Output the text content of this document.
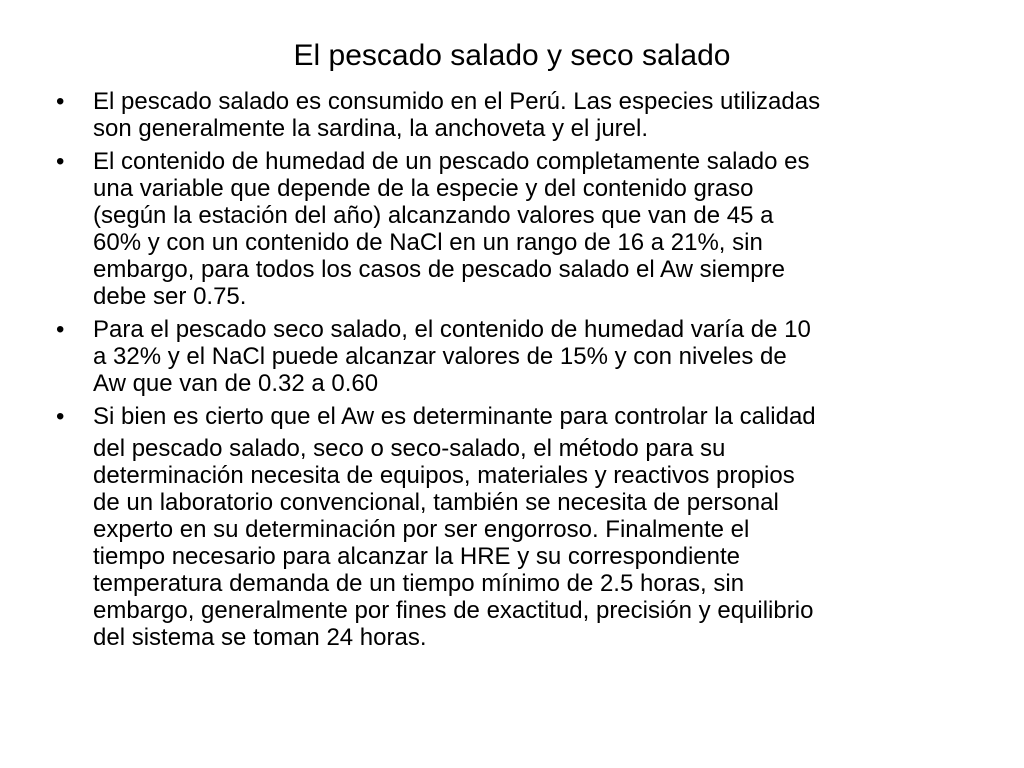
El pescado salado y seco salado
•	El pescado salado es consumido en el Perú. Las especies utilizadas
son generalmente la sardina, la anchoveta y el jurel.
•	El contenido de humedad de un pescado completamente salado es
una variable que depende de la especie y del contenido graso
(según la estación del año) alcanzando valores que van de 45 a
60% y con un contenido de NaCl en un rango de 16 a 21%, sin
embargo, para todos los casos de pescado salado el Aw siempre
debe ser 0.75.
•	Para el pescado seco salado, el contenido de humedad varía de 10
a 32% y el NaCl puede alcanzar valores de 15% y con niveles de
Aw que van de 0.32 a 0.60
•	Si bien es cierto que el Aw es determinante para controlar la calidad
del pescado salado, seco o seco-salado, el método para su
determinación necesita de equipos, materiales y reactivos propios
de un laboratorio convencional, también se necesita de personal
experto en su determinación por ser engorroso. Finalmente el
tiempo necesario para alcanzar la HRE y su correspondiente
temperatura demanda de un tiempo mínimo de 2.5 horas, sin
embargo, generalmente por fines de exactitud, precisión y equilibrio
del sistema se toman 24 horas.
